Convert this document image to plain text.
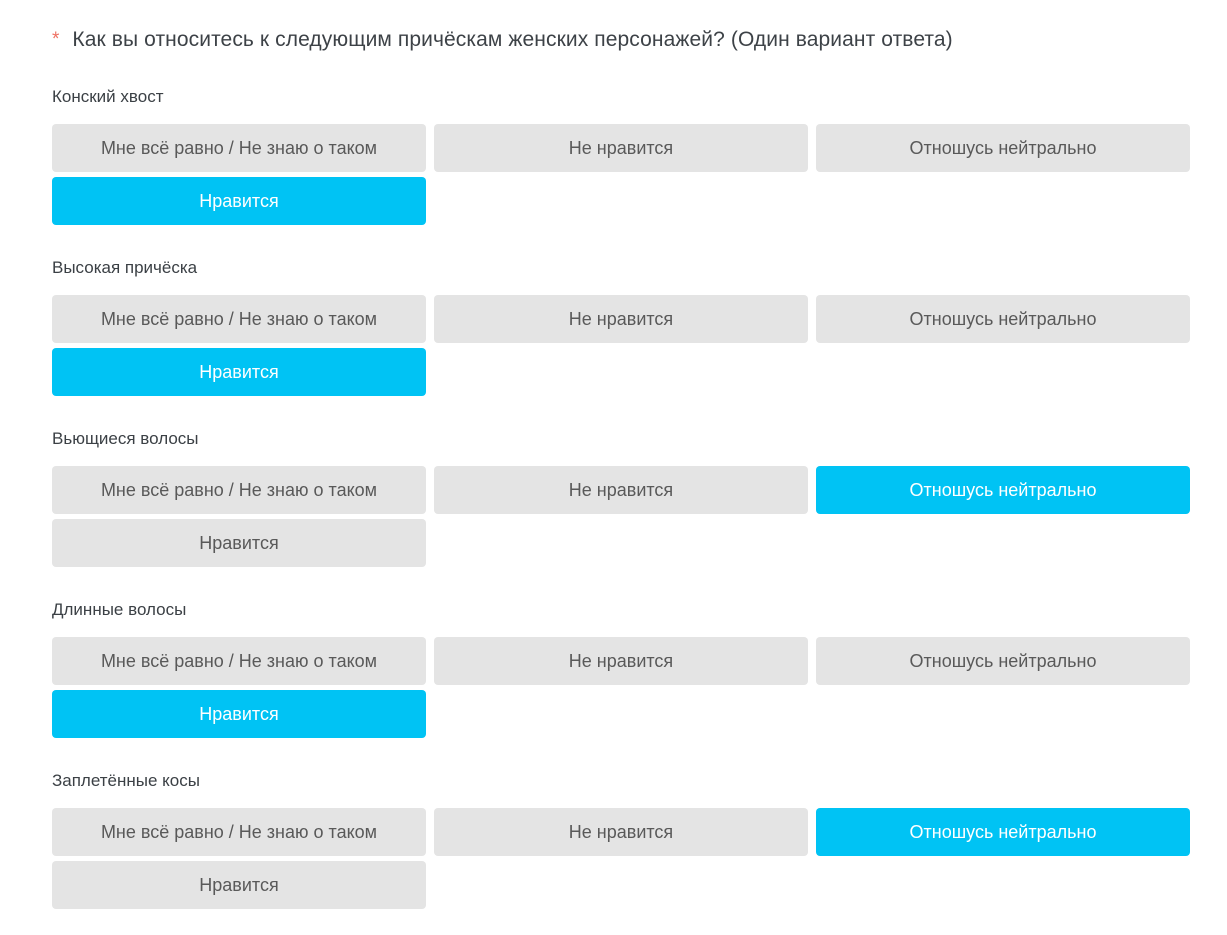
* Как вы относитесь к следующим причёскам женских персонажей? (Один вариант ответа)
Конский хвост
Мне всё равно / Не знаю о таком	Не нравится	Отношусь нейтрально
Нравится
Высокая причёска
Мне всё равно / Не знаю о таком	Не нравится	Отношусь нейтрально
Нравится
Вьющиеся волосы
Мне всё равно / Не знаю о таком	Не нравится	Отношусь нейтрально
Нравится
Длинные волосы
Мне всё равно / Не знаю о таком	Не нравится	Отношусь нейтрально
Нравится
Заплетённые косы
Мне всё равно / Не знаю о таком	Не нравится	Отношусь нейтрально
Нравится
